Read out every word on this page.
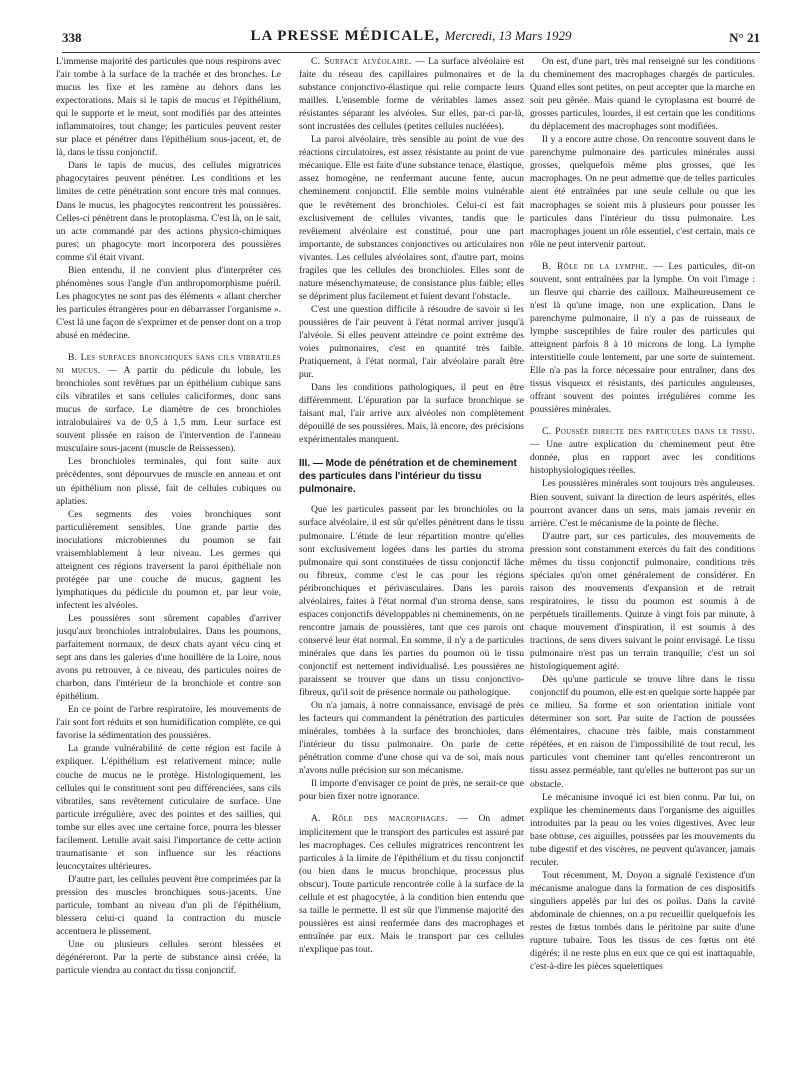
338	LA PRESSE MÉDICALE, Mercredi, 13 Mars 1929	N° 21

L'immense majorité des particules que nous respirons avec l'air tombe à la surface de la trachée et des bronches. Le mucus les fixe et les ramène au dehors dans les expectorations. Mais si le tapis de mucus et l'épithélium, qui le supporte et le meut, sont modifiés par des atteintes inflammatoires, tout change; les particules peuvent rester sur place et pénétrer dans l'épithélium sous-jacent, et, de là, dans le tissu conjonctif.

Dans le tapis de mucus, des cellules migratrices phagocytaires peuvent pénétrer. Les conditions et les limites de cette pénétration sont encore très mal connues. Dans le mucus, les phagocytes rencontrent les poussières. Celles-ci pénètrent dans le protoplasma. C'est là, on le sait, un acte commandé par des actions physico-chimiques pures; un phagocyte mort incorporera des poussières comme s'il était vivant.

Bien entendu, il ne convient plus d'interpréter ces phénomènes sous l'angle d'un anthropomorphisme puéril. Les phagocytes ne sont pas des éléments « allant chercher les particules étrangères pour en débarrasser l'organisme ». C'est là une façon de s'exprimer et de penser dont on a trop abusé en médecine.

B. Les surfaces bronchiques sans cils vibratiles ni mucus. — A partir du pédicule du lobule, les bronchioles sont revêtues par un épithélium cubique sans cils vibratiles et sans cellules caliciformes, donc sans mucus de surface. Le diamètre de ces bronchioles intralobulaires va de 0,5 à 1,5 mm. Leur surface est souvent plissée en raison de l'intervention de l'anneau musculaire sous-jacent (muscle de Reissessen).

Les bronchioles terminales, qui font suite aux précédentes, sont dépourvues de muscle en anneau et ont un épithélium non plissé, fait de cellules cubiques ou aplaties.

Ces segments des voies bronchiques sont particulièrement sensibles. Une grande partie des inoculations microbiennes du poumon se fait vraisemblablement à leur niveau. Les germes qui atteignent ces régions traversent la paroi épithéliale non protégée par une couche de mucus, gagnent les lymphatiques du pédicule du poumon et, par leur voie, infectent les alvéoles.

Les poussières sont sûrement capables d'arriver jusqu'aux bronchioles intralobulaires. Dans les poumons, parfaitement normaux, de deux chats ayant vécu cinq et sept ans dans les galeries d'une houillère de la Loire, nous avons pu retrouver, à ce niveau, des particules noires de charbon, dans l'intérieur de la bronchiole et contre son épithélium.

En ce point de l'arbre respiratoire, les mouvements de l'air sont fort réduits et son humidification complète, ce qui favorise la sédimentation des poussières.

La grande vulnérabilité de cette région est facile à expliquer. L'épithélium est relativement mince; nulle couche de mucus ne le protège. Histologiquement, les cellules qui le constituent sont peu différenciées, sans cils vibratiles, sans revêtement cuticulaire de surface. Une particule irrégulière, avec des pointes et des saillies, qui tombe sur elles avec une certaine force, pourra les blesser facilement. Letulle avait saisi l'importance de cette action traumatisante et son influence sur les réactions leucocytaires ultérieures.

D'autre part, les cellules peuvent être comprimées par la pression des muscles bronchiques sous-jacents. Une particule, tombant au niveau d'un pli de l'épithélium, blessera celui-ci quand la contraction du muscle accentuera le plissement.

Une ou plusieurs cellules seront blessées et dégénéreront. Par la perte de substance ainsi créée, la particule viendra au contact du tissu conjonctif.

C. Surface alvéolaire. — La surface alvéolaire est faite du réseau des capillaires pulmonaires et de la substance conjonctivo-élastique qui relie compacte leurs mailles. L'ensemble forme de véritables lames assez résistantes séparant les alvéoles. Sur elles, par-ci par-là, sont incrustées des cellules (petites cellules nucléées).

La paroi alvéolaire, très sensible au point de vue des réactions circulatoires, est assez résistante au point de vue mécanique. Elle est faite d'une substance tenace, élastique, assez homogène, ne renfermant aucune fente, aucun cheminement conjonctif. Elle semble moins vulnérable que le revêtement des bronchioles. Celui-ci est fait exclusivement de cellules vivantes, tandis que le revêtement alvéolaire est constitué, pour une part importante, de substances conjonctives ou articulaires non vivantes. Les cellules alvéolaires sont, d'autre part, moins fragiles que les cellules des bronchioles. Elles sont de nature mésenchymateuse, de consistance plus faible; elles se dépriment plus facilement et fuient devant l'obstacle.

C'est une question difficile à résoudre de savoir si les poussières de l'air peuvent à l'état normal arriver jusqu'à l'alvéole. Si elles peuvent atteindre ce point extrême des voies pulmonaires, c'est en quantité très faible. Pratiquement, à l'état normal, l'air alvéolaire paraît être pur.

Dans les conditions pathologiques, il peut en être différemment. L'épuration par la surface bronchique se faisant mal, l'air arrive aux alvéoles non complètement dépouillé de ses poussières. Mais, là encore, des précisions expérimentales manquent.

III. — Mode de pénétration et de cheminement des particules dans l'intérieur du tissu pulmonaire.

Que les particules passent par les bronchioles ou la surface alvéolaire, il est sûr qu'elles pénètrent dans le tissu pulmonaire. L'étude de leur répartition montre qu'elles sont exclusivement logées dans les parties du stroma pulmonaire qui sont constituées de tissu conjonctif lâche ou fibreux, comme c'est le cas pour les régions péribronchiques et périvasculaires. Dans les parois alvéolaires, faites à l'état normal d'un stroma dense, sans espaces conjonctifs développables ni cheminements, on ne rencontre jamais de poussières, tant que ces parois ont conservé leur état normal. En somme, il n'y a de particules minérales que dans les parties du poumon où le tissu conjonctif est nettement individualisé. Les poussières ne paraissent se trouver que dans un tissu conjonctivo-fibreux, qu'il soit de présence normale ou pathologique.

On n'a jamais, à notre connaissance, envisagé de près les facteurs qui commandent la pénétration des particules minérales, tombées à la surface des bronchioles, dans l'intérieur du tissu pulmonaire. On parle de cette pénétration comme d'une chose qui va de soi, mais nous n'avons nulle précision sur son mécanisme.

Il importe d'envisager ce point de près, ne serait-ce que pour bien fixer notre ignorance.

A. Rôle des macrophages. — On admet implicitement que le transport des particules est assuré par les macrophages. Ces cellules migratrices rencontrent les particules à la limite de l'épithélium et du tissu conjonctif (ou bien dans le mucus bronchique, processus plus obscur). Toute particule rencontrée colle à la surface de la cellule et est phagocytée, à la condition bien entendu que sa taille le permette. Il est sûr que l'immense majorité des poussières est ainsi renfermée dans des macrophages et entraînée par eux. Mais le transport par ces cellules n'explique pas tout.

On est, d'une part, très mal renseigné sur les conditions du cheminement des macrophages chargés de particules. Quand elles sont petites, on peut accepter que la marche en soit peu gênée. Mais quand le cytoplasma est bourré de grosses particules, lourdes, il est certain que les conditions du déplacement des macrophages sont modifiées.

Il y a encore autre chose. On rencontre souvent dans le parenchyme pulmonaire des particules minérales aussi grosses, quelquefois même plus grosses, que les macrophages. On ne peut admettre que de telles particules aient été entraînées par une seule cellule ou que les macrophages se soient mis à plusieurs pour pousser les particules dans l'intérieur du tissu pulmonaire. Les macrophages jouent un rôle essentiel, c'est certain, mais ce rôle ne peut intervenir partout.

B. Rôle de la lymphe. — Les particules, dit-on souvent, sont entraînées par la lymphe. On voit l'image : un fleuve qui charrie des cailloux. Malheureusement ce n'est là qu'une image, non une explication. Dans le parenchyme pulmonaire, il n'y a pas de ruisseaux de lymphe susceptibles de faire rouler des particules qui atteignent parfois 8 à 10 microns de long. La lymphe interstitielle coule lentement, par une sorte de suintement. Elle n'a pas la force nécessaire pour entraîner, dans des tissus visqueux et résistants, des particules anguleuses, offrant souvent des pointes irrégulières comme les poussières minérales.

C. Poussée directe des particules dans le tissu. — Une autre explication du cheminement peut être donnée, plus en rapport avec les conditions histophysiologiques réelles.

Les poussières minérales sont toujours très anguleuses. Bien souvent, suivant la direction de leurs aspérités, elles pourront avancer dans un sens, mais jamais revenir en arrière. C'est le mécanisme de la pointe de flèche.

D'autre part, sur ces particules, des mouvements de pression sont constamment exercés du fait des conditions mêmes du tissu conjonctif pulmonaire, conditions très spéciales qu'on omet généralement de considérer. En raison des mouvements d'expansion et de retrait respiratoires, le tissu du poumon est soumis à de perpétuels tiraillements. Quinze à vingt fois par minute, à chaque mouvement d'inspiration, il est soumis à des tractions, de sens divers suivant le point envisagé. Le tissu pulmonaire n'est pas un terrain tranquille; c'est un sol histologiquement agité.

Dès qu'une particule se trouve libre dans le tissu conjonctif du poumon, elle est en quelque sorte happée par ce milieu. Sa forme et son orientation initiale vont déterminer son sort. Par suite de l'action de poussées élémentaires, chacune très faible, mais constamment répétées, et en raison de l'impossibilité de tout recul, les particules vont cheminer tant qu'elles rencontreront un tissu assez perméable, tant qu'elles ne butteront pas sur un obstacle.

Le mécanisme invoqué ici est bien connu. Par lui, on explique les cheminements dans l'organisme des aiguilles introduites par la peau ou les voies digestives. Avec leur base obtuse, ces aiguilles, poussées par les mouvements du tube digestif et des viscères, ne peuvent qu'avancer, jamais reculer.

Tout récemment, M. Doyon a signalé l'existence d'un mécanisme analogue dans la formation de ces dispositifs singuliers appelés par lui des os poilus. Dans la cavité abdominale de chiennes, on a pu recueillir quelquefois les restes de fœtus tombés dans le péritoine par suite d'une rupture tubaire. Tous les tissus de ces fœtus ont été digérés; il ne reste plus en eux que ce qui est inattaquable, c'est-à-dire les pièces squelettiques
